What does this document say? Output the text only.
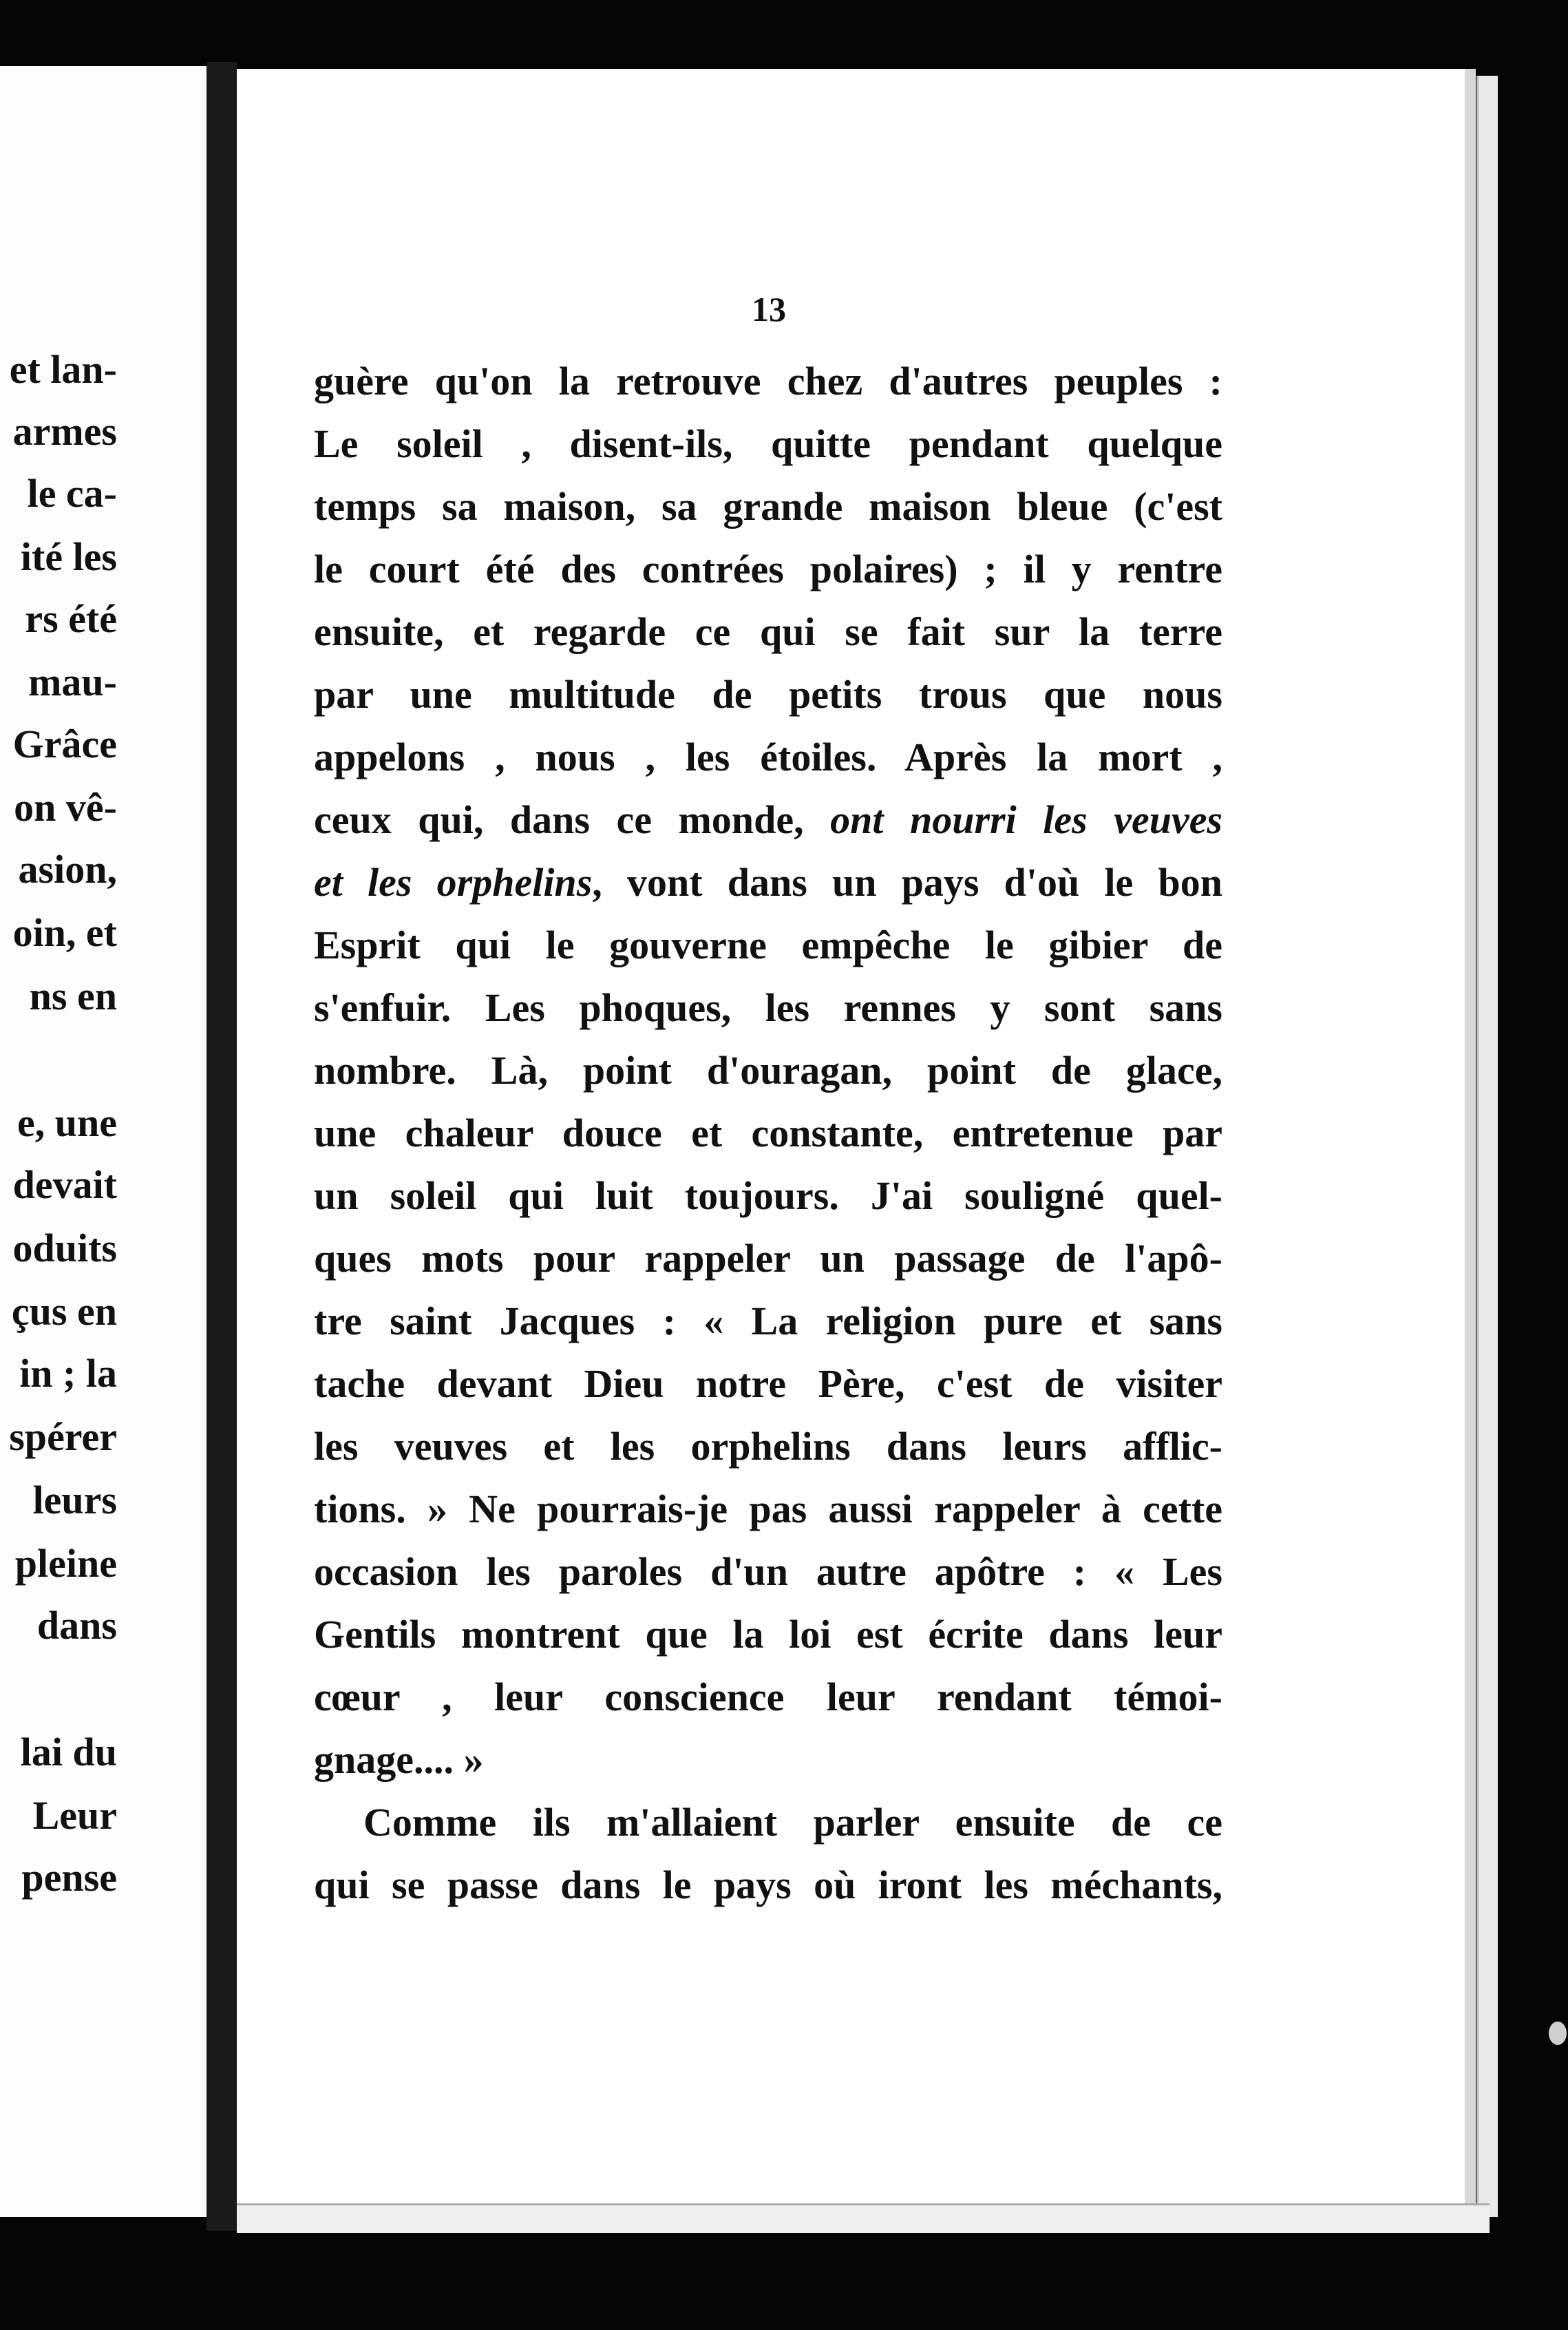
et lan-
armes
le ca-
ité les
rs été
mau-
Grâce
on vê-
asion,
oin, et
ns en
e, une
devait
oduits
çus en
in ; la
spérer
leurs
pleine
dans
lai du
Leur
pense
13
guère qu'on la retrouve chez d'autres peuples :
Le soleil , disent-ils, quitte pendant quelque
temps sa maison, sa grande maison bleue (c'est
le court été des contrées polaires) ; il y rentre
ensuite, et regarde ce qui se fait sur la terre
par une multitude de petits trous que nous
appelons , nous , les étoiles. Après la mort ,
ceux qui, dans ce monde, ont nourri les veuves
et les orphelins, vont dans un pays d'où le bon
Esprit qui le gouverne empêche le gibier de
s'enfuir. Les phoques, les rennes y sont sans
nombre. Là, point d'ouragan, point de glace,
une chaleur douce et constante, entretenue par
un soleil qui luit toujours. J'ai souligné quel-
ques mots pour rappeler un passage de l'apô-
tre saint Jacques : « La religion pure et sans
tache devant Dieu notre Père, c'est de visiter
les veuves et les orphelins dans leurs afflic-
tions. » Ne pourrais-je pas aussi rappeler à cette
occasion les paroles d'un autre apôtre : « Les
Gentils montrent que la loi est écrite dans leur
cœur , leur conscience leur rendant témoi-
gnage.... »
Comme ils m'allaient parler ensuite de ce
qui se passe dans le pays où iront les méchants,
